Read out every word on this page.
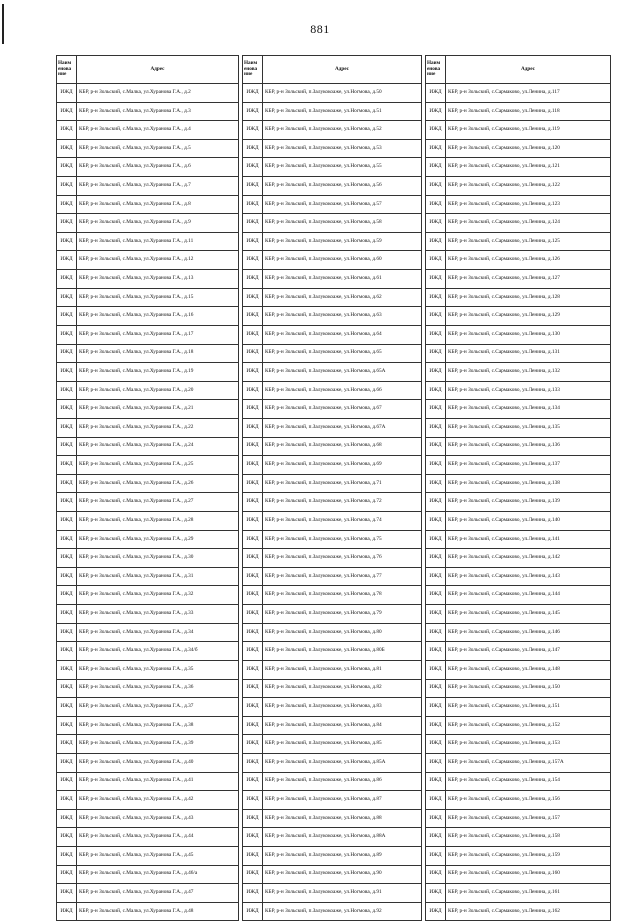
881
Наим енова ние	Адрес
ИЖД	КБР, р-н Зольский, с.Малка, ул.Хуранова Г.А., д.2
ИЖД	КБР, р-н Зольский, с.Малка, ул.Хуранова Г.А., д.3
ИЖД	КБР, р-н Зольский, с.Малка, ул.Хуранова Г.А., д.4
ИЖД	КБР, р-н Зольский, с.Малка, ул.Хуранова Г.А., д.5
ИЖД	КБР, р-н Зольский, с.Малка, ул.Хуранова Г.А., д.6
ИЖД	КБР, р-н Зольский, с.Малка, ул.Хуранова Г.А., д.7
ИЖД	КБР, р-н Зольский, с.Малка, ул.Хуранова Г.А., д.8
ИЖД	КБР, р-н Зольский, с.Малка, ул.Хуранова Г.А., д.9
ИЖД	КБР, р-н Зольский, с.Малка, ул.Хуранова Г.А., д.11
ИЖД	КБР, р-н Зольский, с.Малка, ул.Хуранова Г.А., д.12
ИЖД	КБР, р-н Зольский, с.Малка, ул.Хуранова Г.А., д.13
ИЖД	КБР, р-н Зольский, с.Малка, ул.Хуранова Г.А., д.15
ИЖД	КБР, р-н Зольский, с.Малка, ул.Хуранова Г.А., д.16
ИЖД	КБР, р-н Зольский, с.Малка, ул.Хуранова Г.А., д.17
ИЖД	КБР, р-н Зольский, с.Малка, ул.Хуранова Г.А., д.18
ИЖД	КБР, р-н Зольский, с.Малка, ул.Хуранова Г.А., д.19
ИЖД	КБР, р-н Зольский, с.Малка, ул.Хуранова Г.А., д.20
ИЖД	КБР, р-н Зольский, с.Малка, ул.Хуранова Г.А., д.21
ИЖД	КБР, р-н Зольский, с.Малка, ул.Хуранова Г.А., д.22
ИЖД	КБР, р-н Зольский, с.Малка, ул.Хуранова Г.А., д.24
ИЖД	КБР, р-н Зольский, с.Малка, ул.Хуранова Г.А., д.25
ИЖД	КБР, р-н Зольский, с.Малка, ул.Хуранова Г.А., д.26
ИЖД	КБР, р-н Зольский, с.Малка, ул.Хуранова Г.А., д.27
ИЖД	КБР, р-н Зольский, с.Малка, ул.Хуранова Г.А., д.28
ИЖД	КБР, р-н Зольский, с.Малка, ул.Хуранова Г.А., д.29
ИЖД	КБР, р-н Зольский, с.Малка, ул.Хуранова Г.А., д.30
ИЖД	КБР, р-н Зольский, с.Малка, ул.Хуранова Г.А., д.31
ИЖД	КБР, р-н Зольский, с.Малка, ул.Хуранова Г.А., д.32
ИЖД	КБР, р-н Зольский, с.Малка, ул.Хуранова Г.А., д.33
ИЖД	КБР, р-н Зольский, с.Малка, ул.Хуранова Г.А., д.34
ИЖД	КБР, р-н Зольский, с.Малка, ул.Хуранова Г.А., д.34/б
ИЖД	КБР, р-н Зольский, с.Малка, ул.Хуранова Г.А., д.35
ИЖД	КБР, р-н Зольский, с.Малка, ул.Хуранова Г.А., д.36
ИЖД	КБР, р-н Зольский, с.Малка, ул.Хуранова Г.А., д.37
ИЖД	КБР, р-н Зольский, с.Малка, ул.Хуранова Г.А., д.38
ИЖД	КБР, р-н Зольский, с.Малка, ул.Хуранова Г.А., д.39
ИЖД	КБР, р-н Зольский, с.Малка, ул.Хуранова Г.А., д.40
ИЖД	КБР, р-н Зольский, с.Малка, ул.Хуранова Г.А., д.41
ИЖД	КБР, р-н Зольский, с.Малка, ул.Хуранова Г.А., д.42
ИЖД	КБР, р-н Зольский, с.Малка, ул.Хуранова Г.А., д.43
ИЖД	КБР, р-н Зольский, с.Малка, ул.Хуранова Г.А., д.44
ИЖД	КБР, р-н Зольский, с.Малка, ул.Хуранова Г.А., д.45
ИЖД	КБР, р-н Зольский, с.Малка, ул.Хуранова Г.А., д.46/а
ИЖД	КБР, р-н Зольский, с.Малка, ул.Хуранова Г.А., д.47
ИЖД	КБР, р-н Зольский, с.Малка, ул.Хуранова Г.А., д.48
Наим енова ние	Адрес
ИЖД	КБР, р-н Зольский, п.Залукокоаже, ул.Ногмова, д.50
ИЖД	КБР, р-н Зольский, п.Залукокоаже, ул.Ногмова, д.51
ИЖД	КБР, р-н Зольский, п.Залукокоаже, ул.Ногмова, д.52
ИЖД	КБР, р-н Зольский, п.Залукокоаже, ул.Ногмова, д.53
ИЖД	КБР, р-н Зольский, п.Залукокоаже, ул.Ногмова, д.55
ИЖД	КБР, р-н Зольский, п.Залукокоаже, ул.Ногмова, д.56
ИЖД	КБР, р-н Зольский, п.Залукокоаже, ул.Ногмова, д.57
ИЖД	КБР, р-н Зольский, п.Залукокоаже, ул.Ногмова, д.58
ИЖД	КБР, р-н Зольский, п.Залукокоаже, ул.Ногмова, д.59
ИЖД	КБР, р-н Зольский, п.Залукокоаже, ул.Ногмова, д.60
ИЖД	КБР, р-н Зольский, п.Залукокоаже, ул.Ногмова, д.61
ИЖД	КБР, р-н Зольский, п.Залукокоаже, ул.Ногмова, д.62
ИЖД	КБР, р-н Зольский, п.Залукокоаже, ул.Ногмова, д.63
ИЖД	КБР, р-н Зольский, п.Залукокоаже, ул.Ногмова, д.64
ИЖД	КБР, р-н Зольский, п.Залукокоаже, ул.Ногмова, д.65
ИЖД	КБР, р-н Зольский, п.Залукокоаже, ул.Ногмова, д.65А
ИЖД	КБР, р-н Зольский, п.Залукокоаже, ул.Ногмова, д.66
ИЖД	КБР, р-н Зольский, п.Залукокоаже, ул.Ногмова, д.67
ИЖД	КБР, р-н Зольский, п.Залукокоаже, ул.Ногмова, д.67А
ИЖД	КБР, р-н Зольский, п.Залукокоаже, ул.Ногмова, д.68
ИЖД	КБР, р-н Зольский, п.Залукокоаже, ул.Ногмова, д.69
ИЖД	КБР, р-н Зольский, п.Залукокоаже, ул.Ногмова, д.71
ИЖД	КБР, р-н Зольский, п.Залукокоаже, ул.Ногмова, д.72
ИЖД	КБР, р-н Зольский, п.Залукокоаже, ул.Ногмова, д.74
ИЖД	КБР, р-н Зольский, п.Залукокоаже, ул.Ногмова, д.75
ИЖД	КБР, р-н Зольский, п.Залукокоаже, ул.Ногмова, д.76
ИЖД	КБР, р-н Зольский, п.Залукокоаже, ул.Ногмова, д.77
ИЖД	КБР, р-н Зольский, п.Залукокоаже, ул.Ногмова, д.78
ИЖД	КБР, р-н Зольский, п.Залукокоаже, ул.Ногмова, д.79
ИЖД	КБР, р-н Зольский, п.Залукокоаже, ул.Ногмова, д.80
ИЖД	КБР, р-н Зольский, п.Залукокоаже, ул.Ногмова, д.80Б
ИЖД	КБР, р-н Зольский, п.Залукокоаже, ул.Ногмова, д.81
ИЖД	КБР, р-н Зольский, п.Залукокоаже, ул.Ногмова, д.82
ИЖД	КБР, р-н Зольский, п.Залукокоаже, ул.Ногмова, д.83
ИЖД	КБР, р-н Зольский, п.Залукокоаже, ул.Ногмова, д.84
ИЖД	КБР, р-н Зольский, п.Залукокоаже, ул.Ногмова, д.85
ИЖД	КБР, р-н Зольский, п.Залукокоаже, ул.Ногмова, д.85А
ИЖД	КБР, р-н Зольский, п.Залукокоаже, ул.Ногмова, д.86
ИЖД	КБР, р-н Зольский, п.Залукокоаже, ул.Ногмова, д.87
ИЖД	КБР, р-н Зольский, п.Залукокоаже, ул.Ногмова, д.88
ИЖД	КБР, р-н Зольский, п.Залукокоаже, ул.Ногмова, д.88А
ИЖД	КБР, р-н Зольский, п.Залукокоаже, ул.Ногмова, д.89
ИЖД	КБР, р-н Зольский, п.Залукокоаже, ул.Ногмова, д.90
ИЖД	КБР, р-н Зольский, п.Залукокоаже, ул.Ногмова, д.91
ИЖД	КБР, р-н Зольский, п.Залукокоаже, ул.Ногмова, д.92
Наим енова ние	Адрес
ИЖД	КБР, р-н Зольский, с.Сармаково, ул.Ленина, д.117
ИЖД	КБР, р-н Зольский, с.Сармаково, ул.Ленина, д.118
ИЖД	КБР, р-н Зольский, с.Сармаково, ул.Ленина, д.119
ИЖД	КБР, р-н Зольский, с.Сармаково, ул.Ленина, д.120
ИЖД	КБР, р-н Зольский, с.Сармаково, ул.Ленина, д.121
ИЖД	КБР, р-н Зольский, с.Сармаково, ул.Ленина, д.122
ИЖД	КБР, р-н Зольский, с.Сармаково, ул.Ленина, д.123
ИЖД	КБР, р-н Зольский, с.Сармаково, ул.Ленина, д.124
ИЖД	КБР, р-н Зольский, с.Сармаково, ул.Ленина, д.125
ИЖД	КБР, р-н Зольский, с.Сармаково, ул.Ленина, д.126
ИЖД	КБР, р-н Зольский, с.Сармаково, ул.Ленина, д.127
ИЖД	КБР, р-н Зольский, с.Сармаково, ул.Ленина, д.128
ИЖД	КБР, р-н Зольский, с.Сармаково, ул.Ленина, д.129
ИЖД	КБР, р-н Зольский, с.Сармаково, ул.Ленина, д.130
ИЖД	КБР, р-н Зольский, с.Сармаково, ул.Ленина, д.131
ИЖД	КБР, р-н Зольский, с.Сармаково, ул.Ленина, д.132
ИЖД	КБР, р-н Зольский, с.Сармаково, ул.Ленина, д.133
ИЖД	КБР, р-н Зольский, с.Сармаково, ул.Ленина, д.134
ИЖД	КБР, р-н Зольский, с.Сармаково, ул.Ленина, д.135
ИЖД	КБР, р-н Зольский, с.Сармаково, ул.Ленина, д.136
ИЖД	КБР, р-н Зольский, с.Сармаково, ул.Ленина, д.137
ИЖД	КБР, р-н Зольский, с.Сармаково, ул.Ленина, д.138
ИЖД	КБР, р-н Зольский, с.Сармаково, ул.Ленина, д.139
ИЖД	КБР, р-н Зольский, с.Сармаково, ул.Ленина, д.140
ИЖД	КБР, р-н Зольский, с.Сармаково, ул.Ленина, д.141
ИЖД	КБР, р-н Зольский, с.Сармаково, ул.Ленина, д.142
ИЖД	КБР, р-н Зольский, с.Сармаково, ул.Ленина, д.143
ИЖД	КБР, р-н Зольский, с.Сармаково, ул.Ленина, д.144
ИЖД	КБР, р-н Зольский, с.Сармаково, ул.Ленина, д.145
ИЖД	КБР, р-н Зольский, с.Сармаково, ул.Ленина, д.146
ИЖД	КБР, р-н Зольский, с.Сармаково, ул.Ленина, д.147
ИЖД	КБР, р-н Зольский, с.Сармаково, ул.Ленина, д.148
ИЖД	КБР, р-н Зольский, с.Сармаково, ул.Ленина, д.150
ИЖД	КБР, р-н Зольский, с.Сармаково, ул.Ленина, д.151
ИЖД	КБР, р-н Зольский, с.Сармаково, ул.Ленина, д.152
ИЖД	КБР, р-н Зольский, с.Сармаково, ул.Ленина, д.153
ИЖД	КБР, р-н Зольский, с.Сармаково, ул.Ленина, д.157А
ИЖД	КБР, р-н Зольский, с.Сармаково, ул.Ленина, д.154
ИЖД	КБР, р-н Зольский, с.Сармаково, ул.Ленина, д.156
ИЖД	КБР, р-н Зольский, с.Сармаково, ул.Ленина, д.157
ИЖД	КБР, р-н Зольский, с.Сармаково, ул.Ленина, д.158
ИЖД	КБР, р-н Зольский, с.Сармаково, ул.Ленина, д.159
ИЖД	КБР, р-н Зольский, с.Сармаково, ул.Ленина, д.160
ИЖД	КБР, р-н Зольский, с.Сармаково, ул.Ленина, д.161
ИЖД	КБР, р-н Зольский, с.Сармаково, ул.Ленина, д.162
